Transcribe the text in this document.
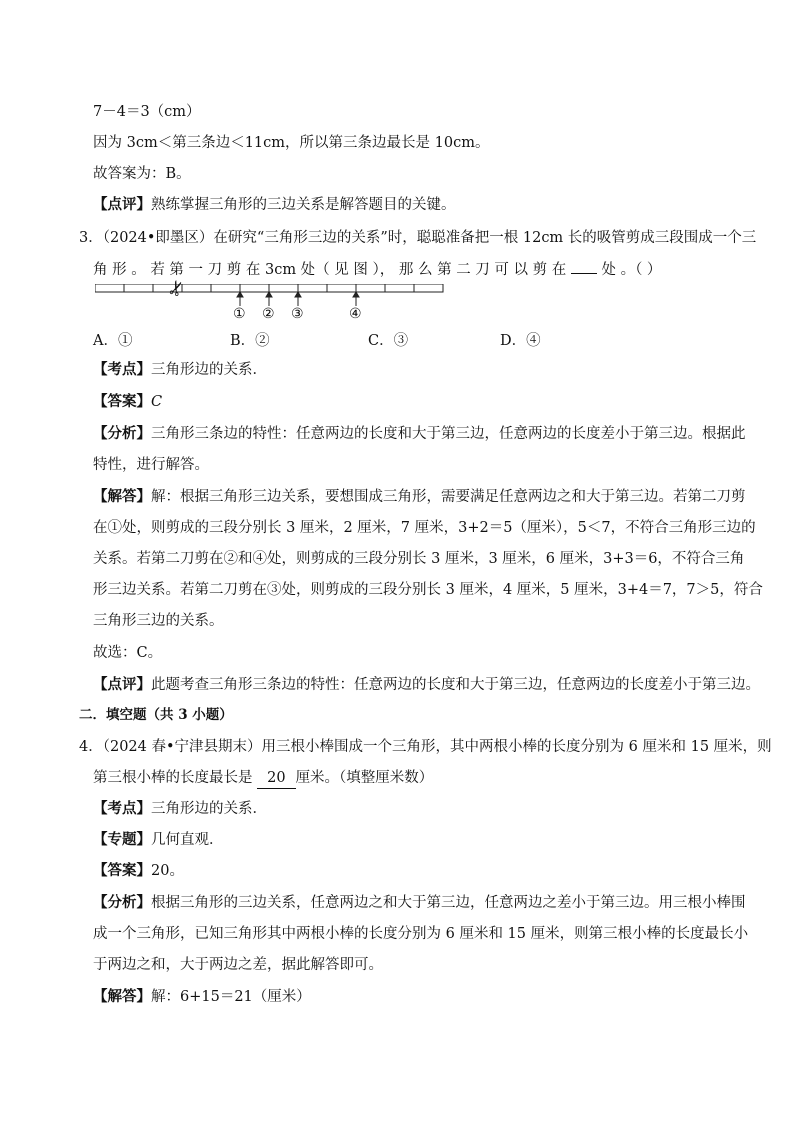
7－4＝3（cm）
因为 3cm＜第三条边＜11cm，所以第三条边最长是 10cm。
故答案为：B。
【点评】熟练掌握三角形的三边关系是解答题目的关键。
3．（2024•即墨区）在研究“三角形三边的关系”时，聪聪准备把一根 12cm 长的吸管剪成三段围成一个三
角 形 。 若 第 一 刀 剪 在 3cm 处（ 见 图 ）， 那 么 第 二 刀 可 以 剪 在 处 。（ ）
✂
① ② ③	④
A．①	B．②	C．③	D．④
【考点】三角形边的关系．
【答案】C
【分析】三角形三条边的特性：任意两边的长度和大于第三边，任意两边的长度差小于第三边。根据此
特性，进行解答。
【解答】解：根据三角形三边关系，要想围成三角形，需要满足任意两边之和大于第三边。若第二刀剪
在①处，则剪成的三段分别长 3 厘米，2 厘米，7 厘米，3+2＝5（厘米），5＜7，不符合三角形三边的
关系。若第二刀剪在②和④处，则剪成的三段分别长 3 厘米，3 厘米，6 厘米，3+3＝6，不符合三角
形三边关系。若第二刀剪在③处，则剪成的三段分别长 3 厘米，4 厘米，5 厘米，3+4＝7，7＞5，符合
三角形三边的关系。
故选：C。
【点评】此题考查三角形三条边的特性：任意两边的长度和大于第三边，任意两边的长度差小于第三边。
二．填空题（共 3 小题）
4．（2024 春•宁津县期末）用三根小棒围成一个三角形，其中两根小棒的长度分别为 6 厘米和 15 厘米，则
第三根小棒的长度最长是 20 厘米。（填整厘米数）
【考点】三角形边的关系．
【专题】几何直观．
【答案】20。
【分析】根据三角形的三边关系，任意两边之和大于第三边，任意两边之差小于第三边。用三根小棒围
成一个三角形，已知三角形其中两根小棒的长度分别为 6 厘米和 15 厘米，则第三根小棒的长度最长小
于两边之和，大于两边之差，据此解答即可。
【解答】解：6+15＝21（厘米）
